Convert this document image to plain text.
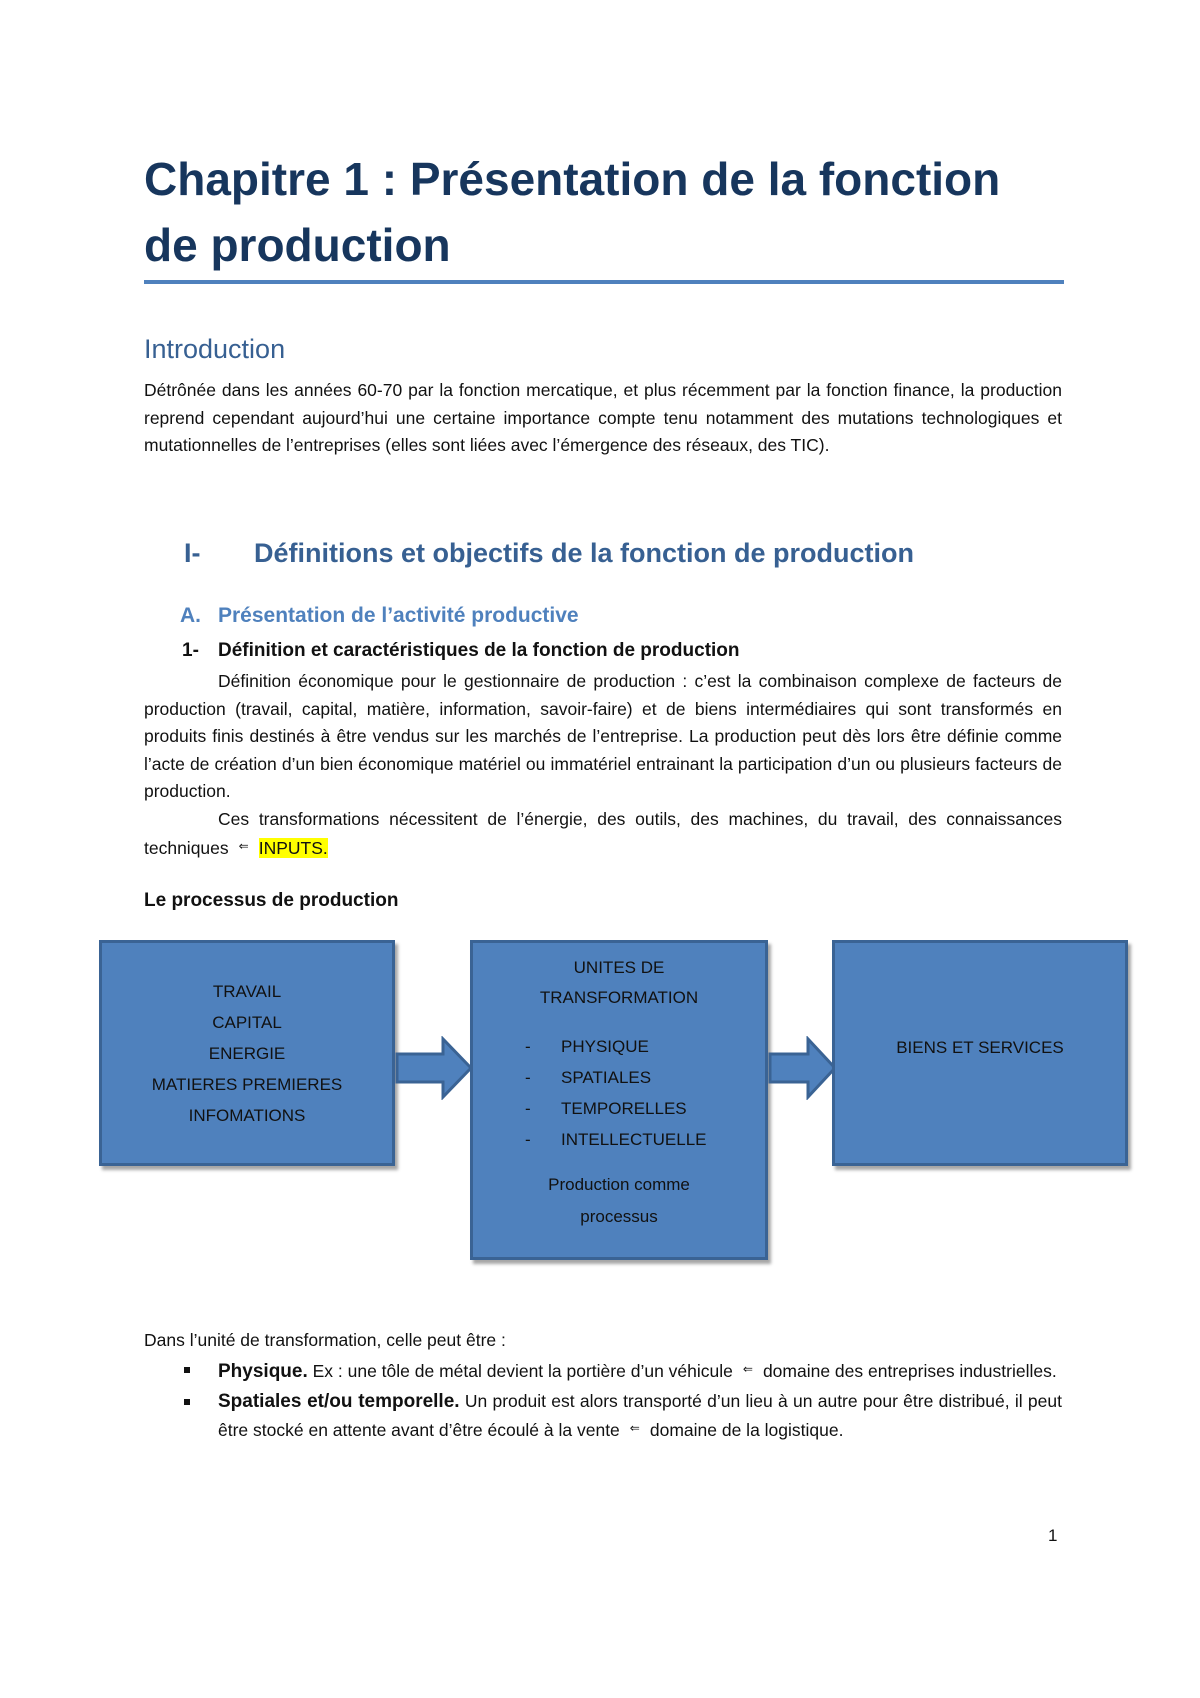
Chapitre 1 : Présentation de la fonction de production
Introduction
Détrônée dans les années 60-70 par la fonction mercatique, et plus récemment par la fonction finance, la production reprend cependant aujourd’hui une certaine importance compte tenu notamment des mutations technologiques et mutationnelles de l’entreprises (elles sont liées avec l’émergence des réseaux, des TIC).
I- Définitions et objectifs de la fonction de production
A. Présentation de l’activité productive
1- Définition et caractéristiques de la fonction de production
Définition économique pour le gestionnaire de production : c’est la combinaison complexe de facteurs de production (travail, capital, matière, information, savoir-faire) et de biens intermédiaires qui sont transformés en produits finis destinés à être vendus sur les marchés de l’entreprise. La production peut dès lors être définie comme l’acte de création d’un bien économique matériel ou immatériel entrainant la participation d’un ou plusieurs facteurs de production.
Ces transformations nécessitent de l’énergie, des outils, des machines, du travail, des connaissances techniques ⇐ INPUTS.
Le processus de production
TRAVAIL
CAPITAL
ENERGIE
MATIERES PREMIERES
INFOMATIONS
UNITES DE
TRANSFORMATION
- PHYSIQUE
- SPATIALES
- TEMPORELLES
- INTELLECTUELLE
Production comme
processus
BIENS ET SERVICES
Dans l’unité de transformation, celle peut être :
Physique. Ex : une tôle de métal devient la portière d’un véhicule ⇐ domaine des entreprises industrielles.
Spatiales et/ou temporelle. Un produit est alors transporté d’un lieu à un autre pour être distribué, il peut être stocké en attente avant d’être écoulé à la vente ⇐ domaine de la logistique.
1
